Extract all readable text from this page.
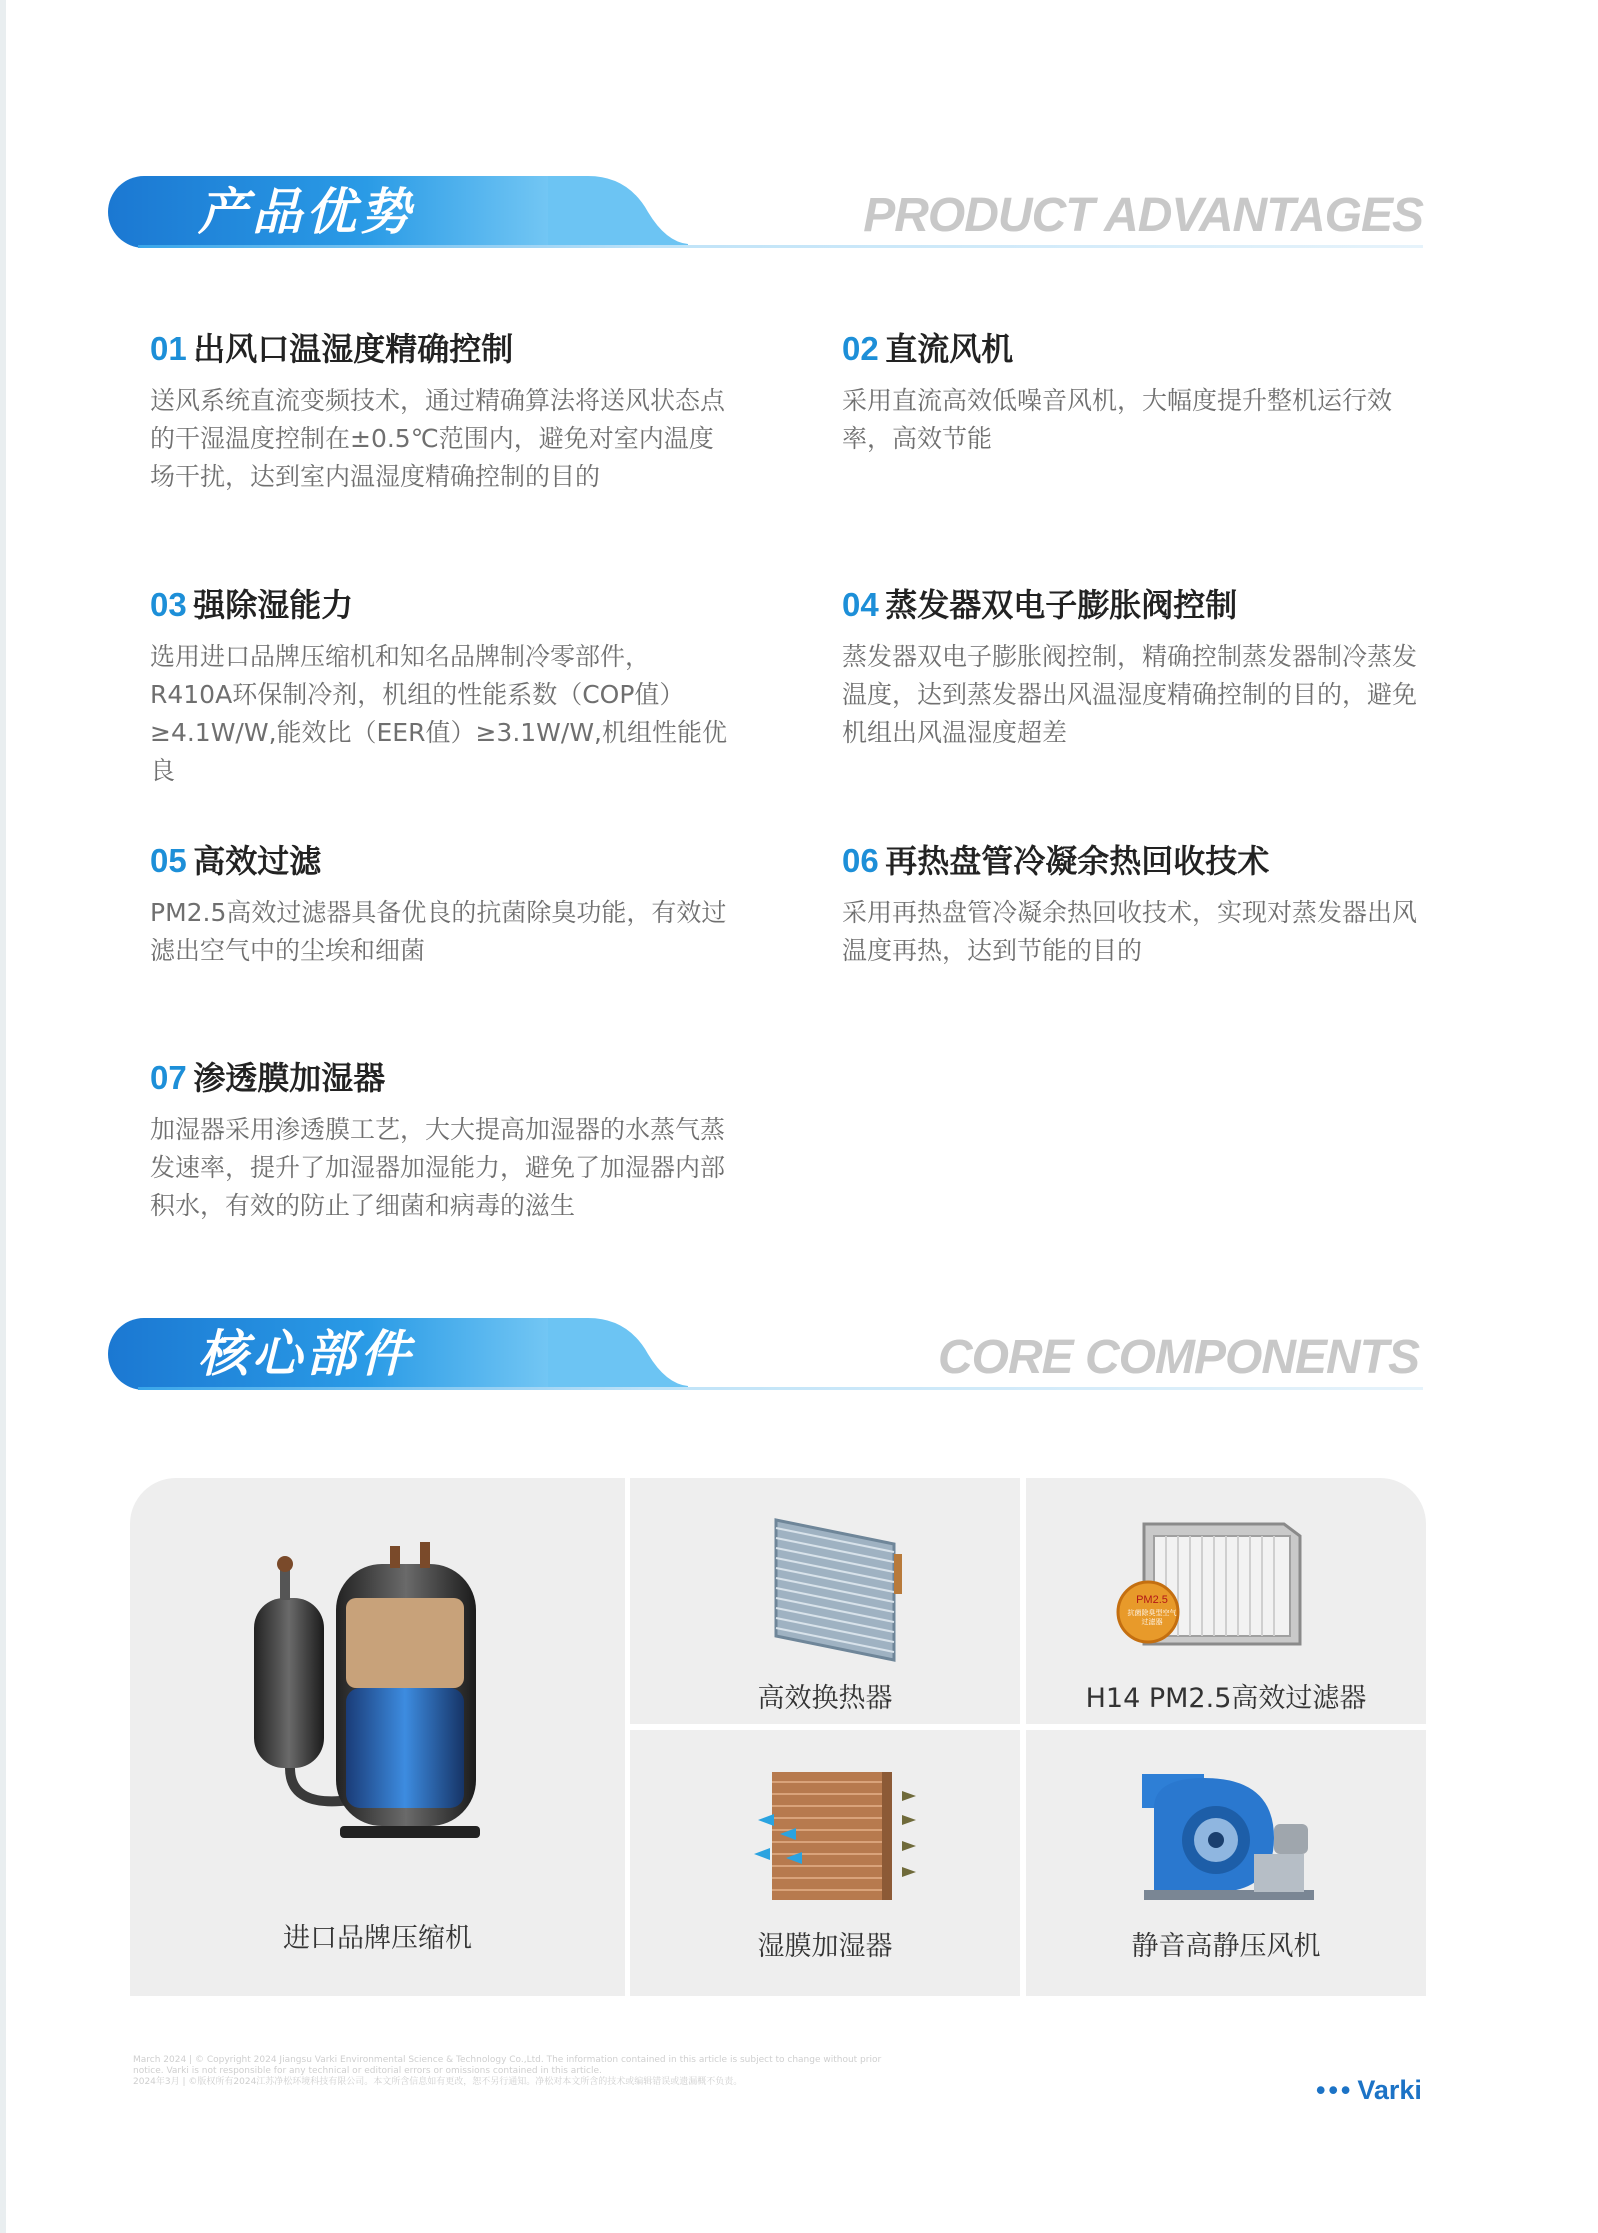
产品优势	PRODUCT ADVANTAGES
01 出风口温湿度精确控制

送风系统直流变频技术，通过精确算法将送风状态点的干湿温度控制在±0.5℃范围内，避免对室内温度场干扰，达到室内温湿度精确控制的目的

02 直流风机

采用直流高效低噪音风机，大幅度提升整机运行效率，高效节能

03 强除湿能力

选用进口品牌压缩机和知名品牌制冷零部件，R410A环保制冷剂，机组的性能系数（COP值）≥4.1W/W,能效比（EER值）≥3.1W/W,机组性能优良

04 蒸发器双电子膨胀阀控制

蒸发器双电子膨胀阀控制，精确控制蒸发器制冷蒸发温度，达到蒸发器出风温湿度精确控制的目的，避免机组出风温湿度超差

05 高效过滤

PM2.5高效过滤器具备优良的抗菌除臭功能，有效过滤出空气中的尘埃和细菌

06 再热盘管冷凝余热回收技术

采用再热盘管冷凝余热回收技术，实现对蒸发器出风温度再热，达到节能的目的

07 渗透膜加湿器

加湿器采用渗透膜工艺，大大提高加湿器的水蒸气蒸发速率，提升了加湿器加湿能力，避免了加湿器内部积水，有效的防止了细菌和病毒的滋生

核心部件	CORE COMPONENTS
进口品牌压缩机
高效换热器
PM2.5
抗菌除臭型空气过滤器
H14 PM2.5高效过滤器
湿膜加湿器	静音高静压风机
March 2024 | © Copyright 2024 Jiangsu Varki Environmental Science & Technology Co.,Ltd. The information contained in this article is subject to change without prior notice. Varki is not responsible for any technical or editorial errors or omissions contained in this article.
2024年3月 | ©版权所有2024江苏净松环境科技有限公司。本文所含信息如有更改，恕不另行通知。净松对本文所含的技术或编辑错误或遗漏概不负责。	••• Varki
